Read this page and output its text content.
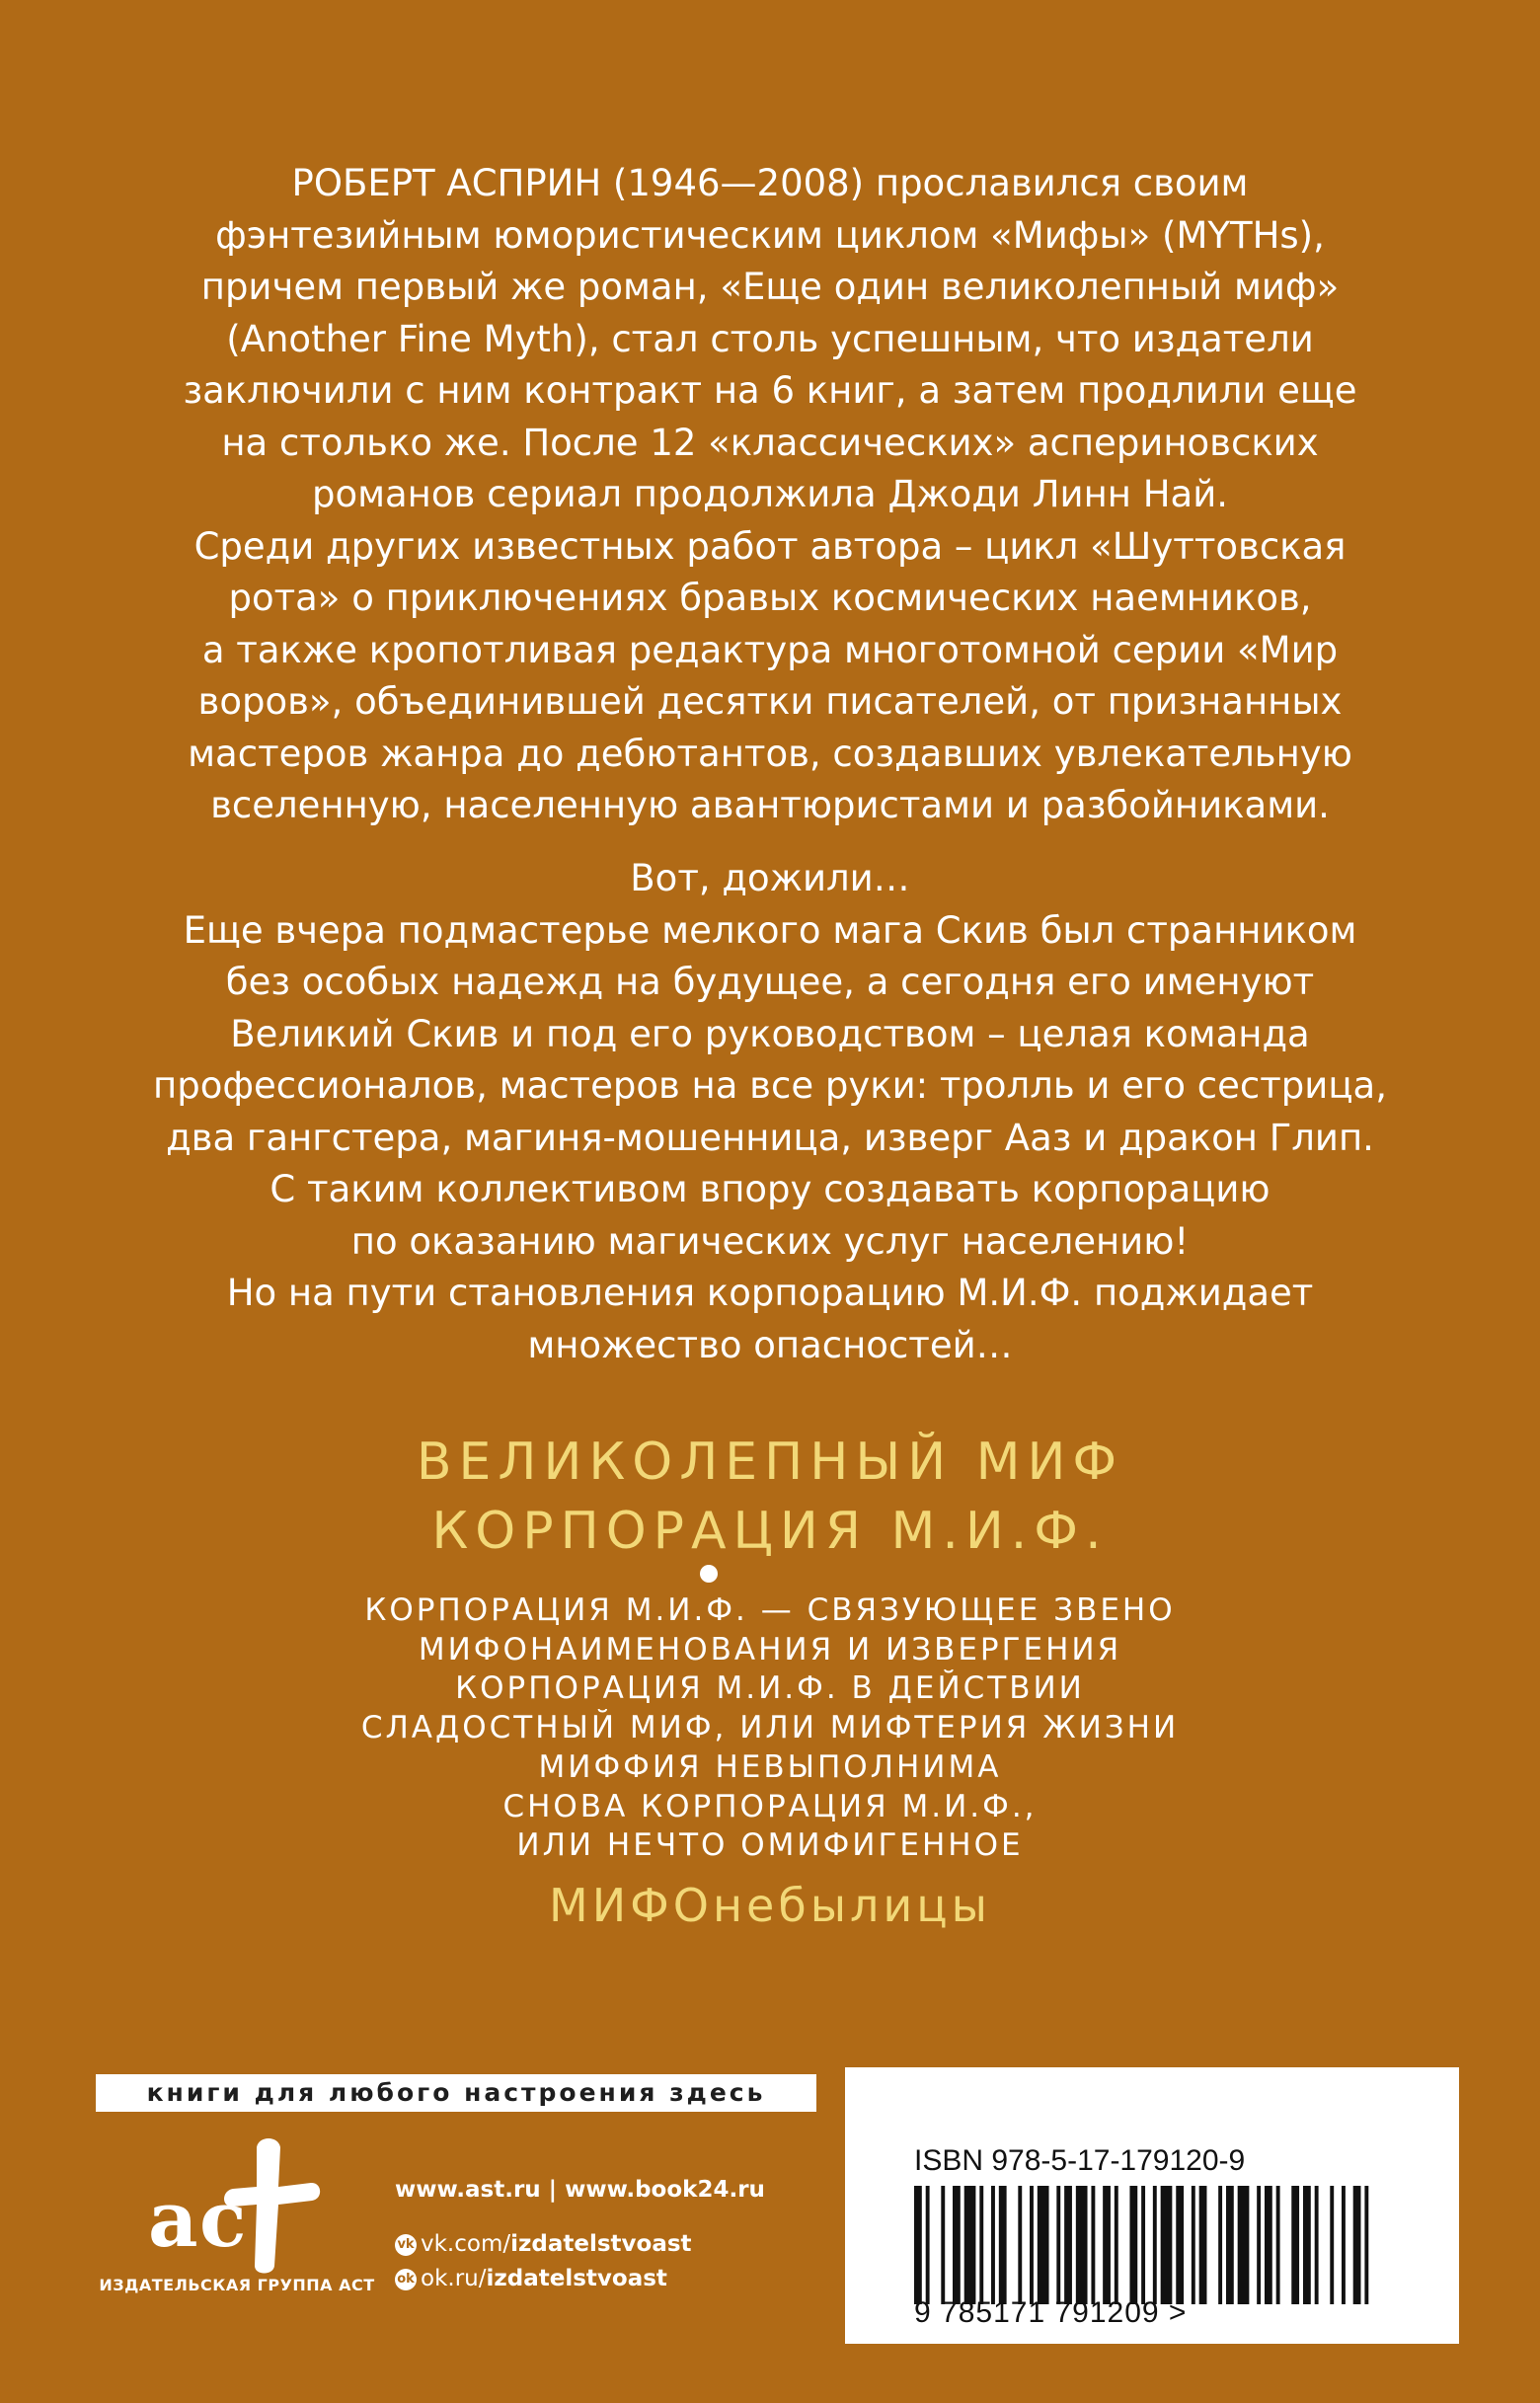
РОБЕРТ АСПРИН (1946—2008) прославился своим
фэнтезийным юмористическим циклом «Мифы» (MYTHs),
причем первый же роман, «Еще один великолепный миф»
(Another Fine Myth), стал столь успешным, что издатели
заключили с ним контракт на 6 книг, а затем продлили еще
на столько же. После 12 «классических» аспериновских
романов сериал продолжила Джоди Линн Най.
Среди других известных работ автора – цикл «Шуттовская
рота» о приключениях бравых космических наемников,
а также кропотливая редактура многотомной серии «Мир
воров», объединившей десятки писателей, от признанных
мастеров жанра до дебютантов, создавших увлекательную
вселенную, населенную авантюристами и разбойниками.
Вот, дожили…
Еще вчера подмастерье мелкого мага Скив был странником
без особых надежд на будущее, а сегодня его именуют
Великий Скив и под его руководством – целая команда
профессионалов, мастеров на все руки: тролль и его сестрица,
два гангстера, магиня-мошенница, изверг Ааз и дракон Глип.
С таким коллективом впору создавать корпорацию
по оказанию магических услуг населению!
Но на пути становления корпорацию М.И.Ф. поджидает
множество опасностей…
ВЕЛИКОЛЕПНЫЙ МИФ
КОРПОРАЦИЯ М.И.Ф.
КОРПОРАЦИЯ М.И.Ф. — СВЯЗУЮЩЕЕ ЗВЕНО
МИФОНАИМЕНОВАНИЯ И ИЗВЕРГЕНИЯ
КОРПОРАЦИЯ М.И.Ф. В ДЕЙСТВИИ
СЛАДОСТНЫЙ МИФ, ИЛИ МИФТЕРИЯ ЖИЗНИ
МИФФИЯ НЕВЫПОЛНИМА
СНОВА КОРПОРАЦИЯ М.И.Ф.,
ИЛИ НЕЧТО ОМИФИГЕННОЕ

МИФОнебылицы

книги для любого настроения здесь
a c
ИЗДАТЕЛЬСКАЯ ГРУППА АСТ
www.ast.ru | www.book24.ru
vk vk.com/izdatelstvoast
ok ok.ru/izdatelstvoast
ISBN 978-5-17-179120-9
9 785171 791209 >
